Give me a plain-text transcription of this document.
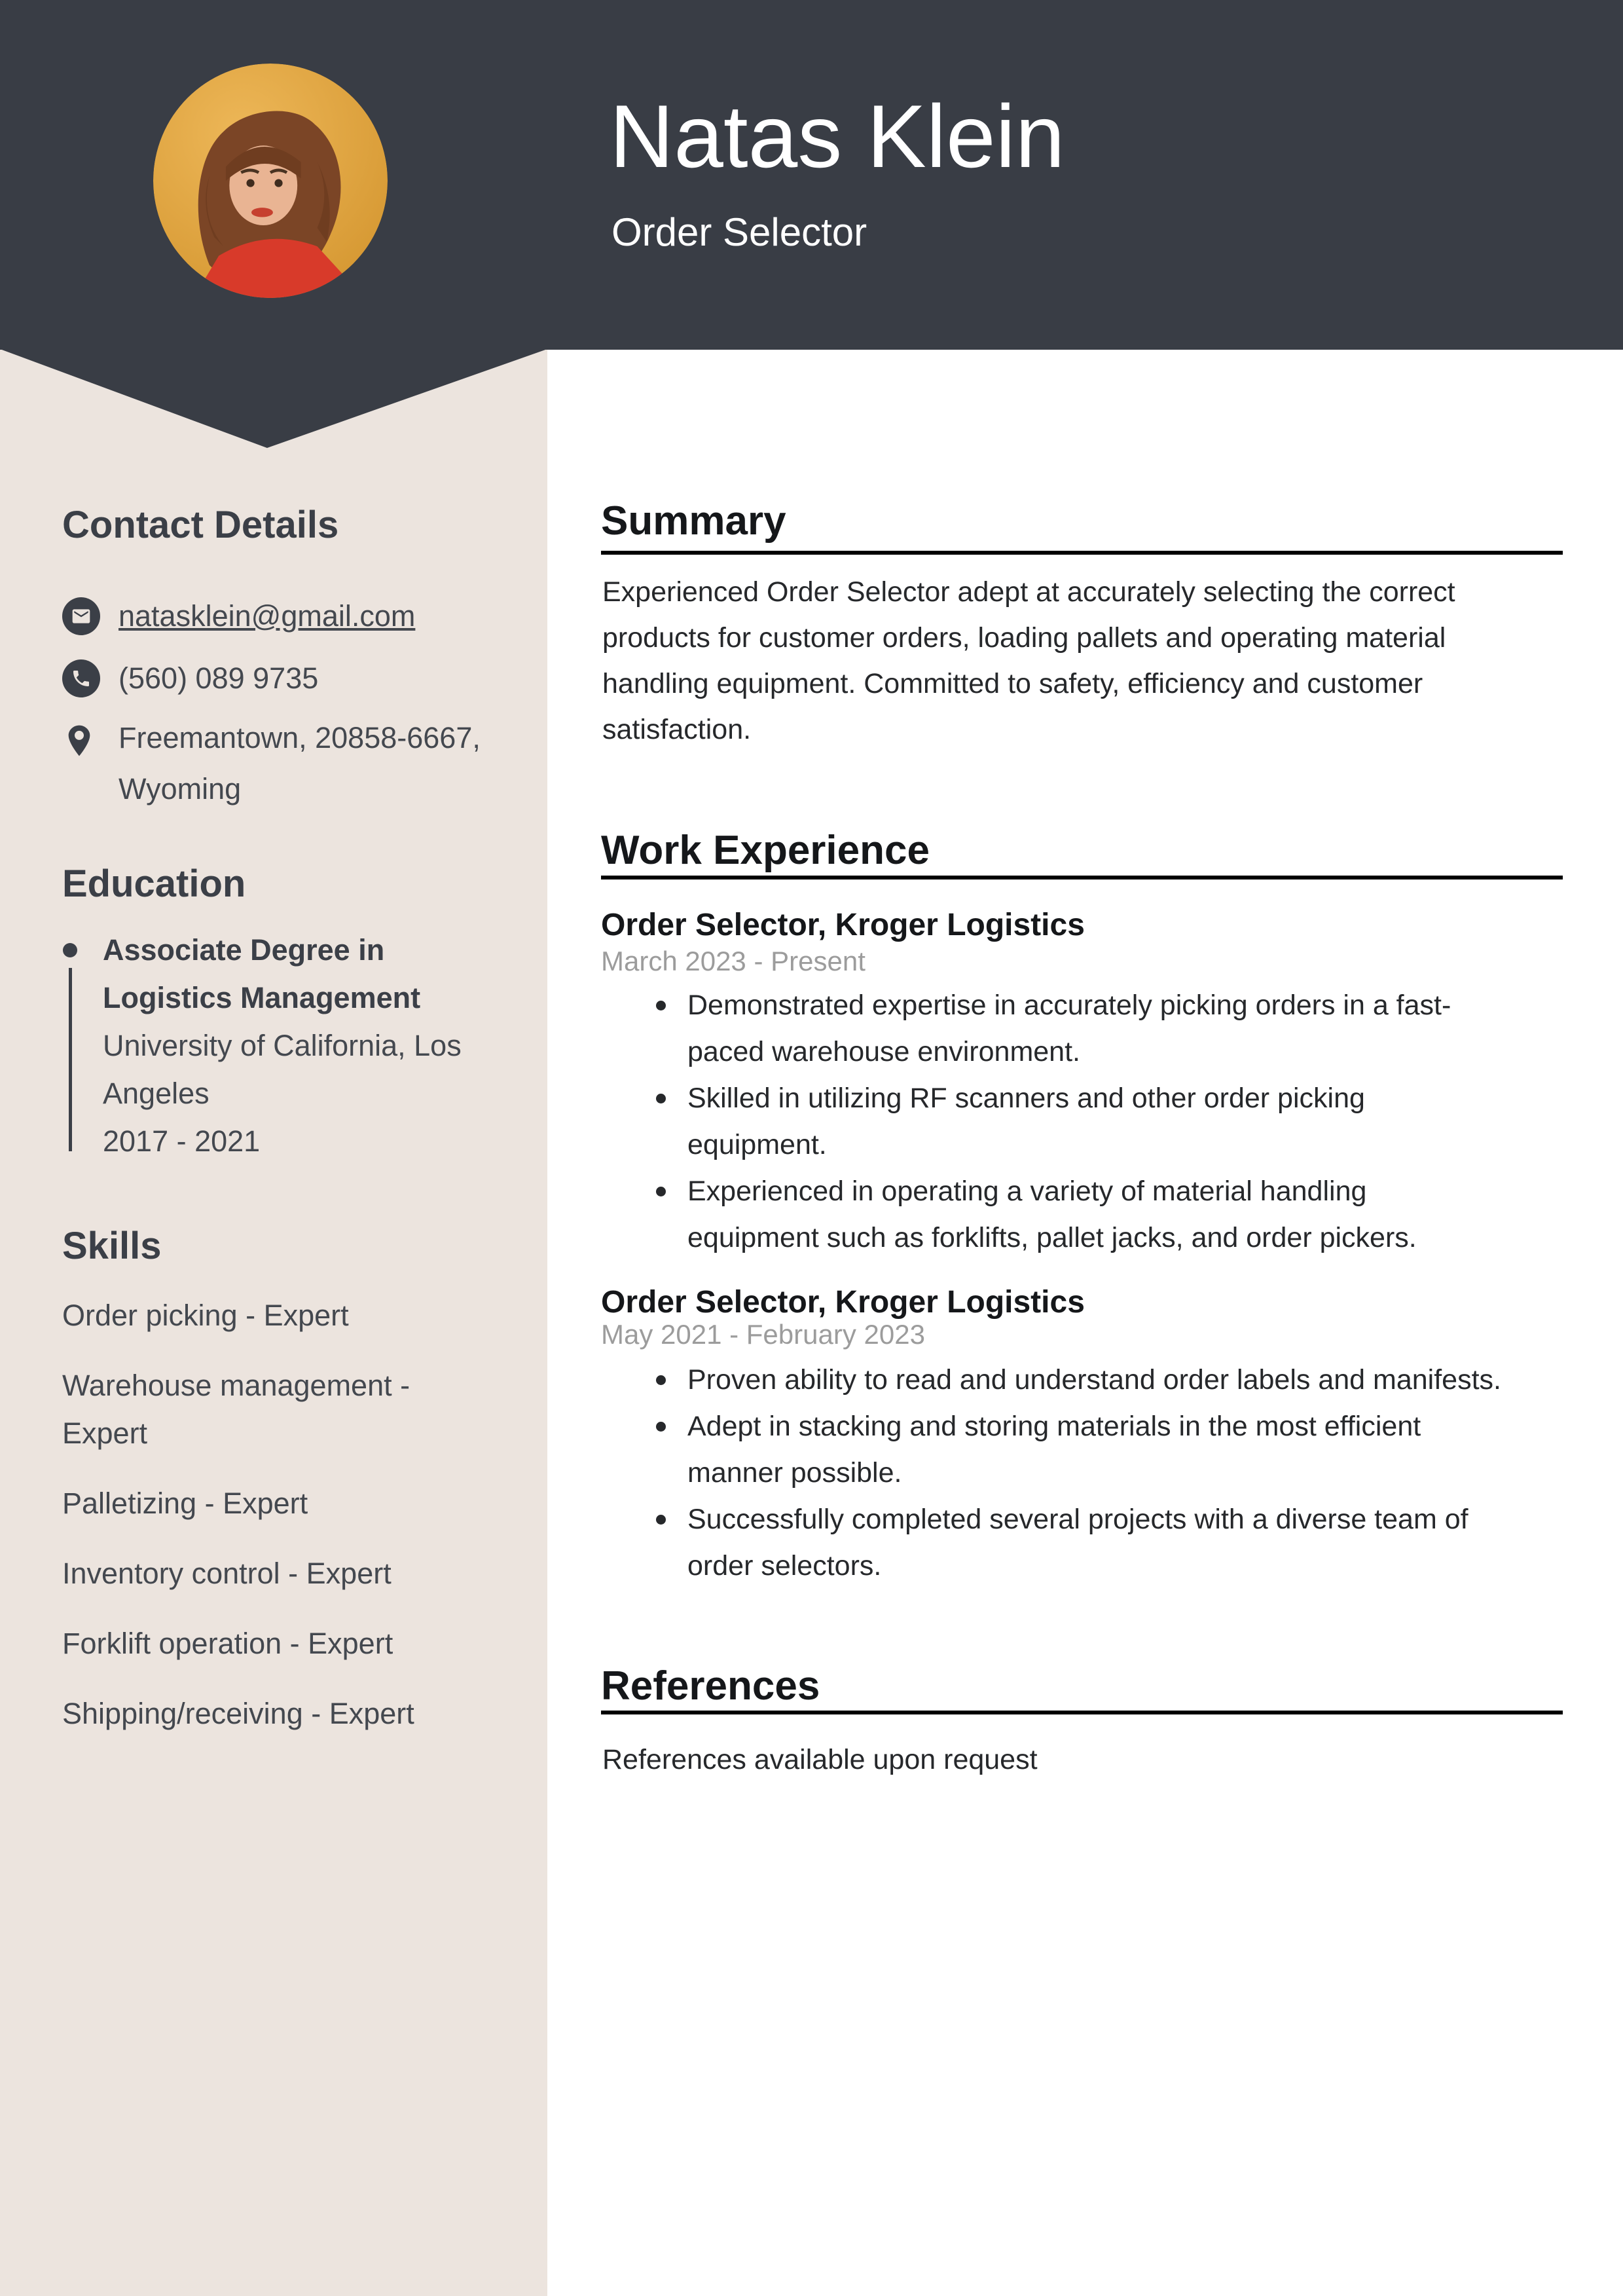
Natas Klein
Order Selector
Contact Details
natasklein@gmail.com
(560) 089 9735
Freemantown, 20858-6667, Wyoming
Education
Associate Degree in Logistics Management
University of California, Los Angeles
2017 - 2021
Skills
Order picking - Expert
Warehouse management - Expert
Palletizing - Expert
Inventory control - Expert
Forklift operation - Expert
Shipping/receiving - Expert
Summary

Experienced Order Selector adept at accurately selecting the correct products for customer orders, loading pallets and operating material handling equipment. Committed to safety, efficiency and customer satisfaction.

Work Experience
Order Selector, Kroger Logistics
March 2023 - Present
Demonstrated expertise in accurately picking orders in a fast-paced warehouse environment.
Skilled in utilizing RF scanners and other order picking equipment.
Experienced in operating a variety of material handling equipment such as forklifts, pallet jacks, and order pickers.
Order Selector, Kroger Logistics
May 2021 - February 2023
Proven ability to read and understand order labels and manifests.
Adept in stacking and storing materials in the most efficient manner possible.
Successfully completed several projects with a diverse team of order selectors.
References

References available upon request
